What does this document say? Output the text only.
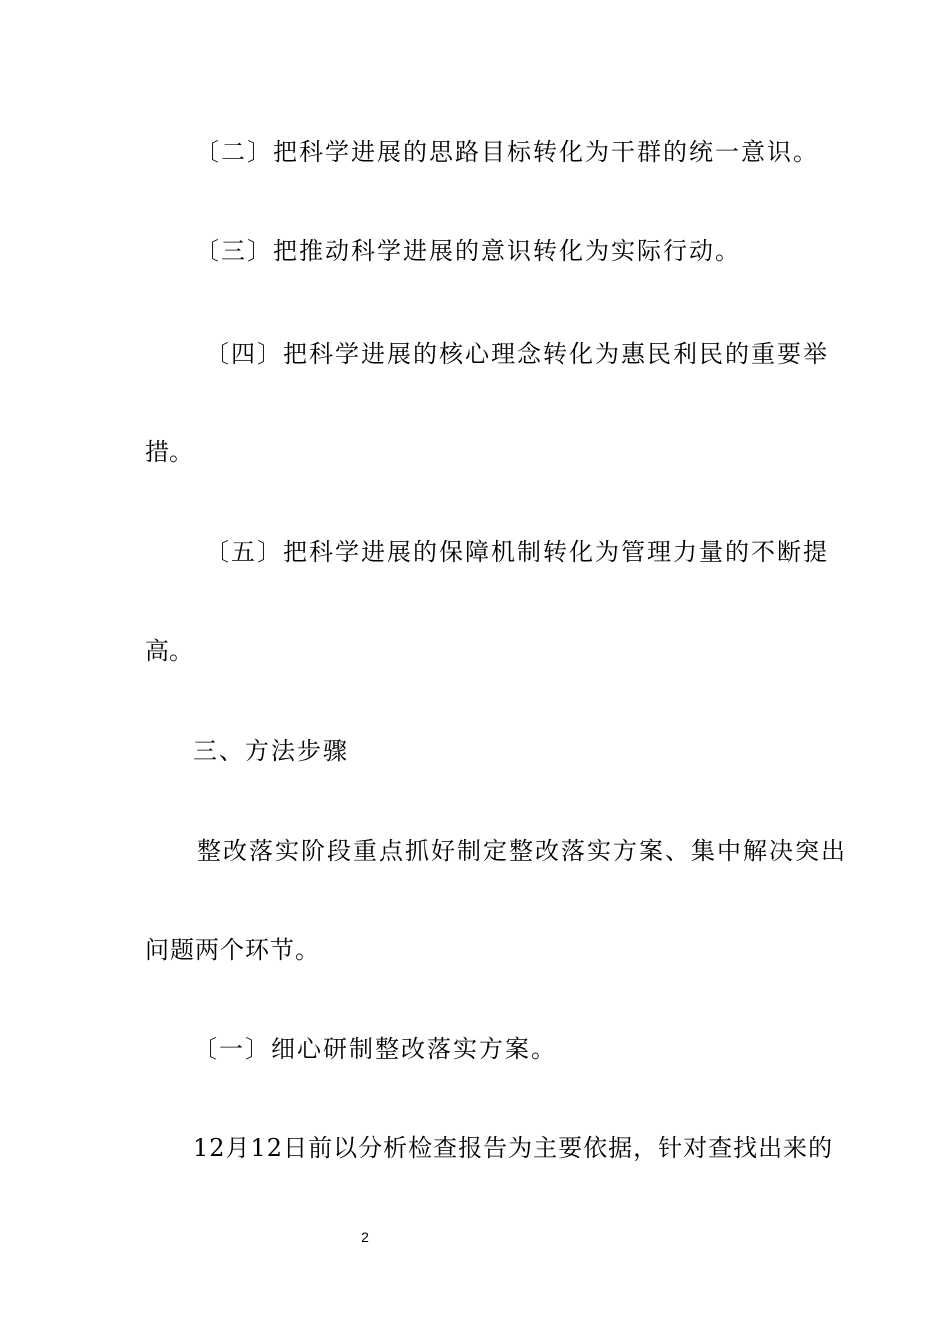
〔二〕把科学进展的思路目标转化为干群的统一意识。
〔三〕把推动科学进展的意识转化为实际行动。
〔四〕把科学进展的核心理念转化为惠民利民的重要举
措。
〔五〕把科学进展的保障机制转化为管理力量的不断提
高。
三、方法步骤
整改落实阶段重点抓好制定整改落实方案、集中解决突出
问题两个环节。
〔一〕细心研制整改落实方案。
12月12日前以分析检查报告为主要依据，针对查找出来的
2
